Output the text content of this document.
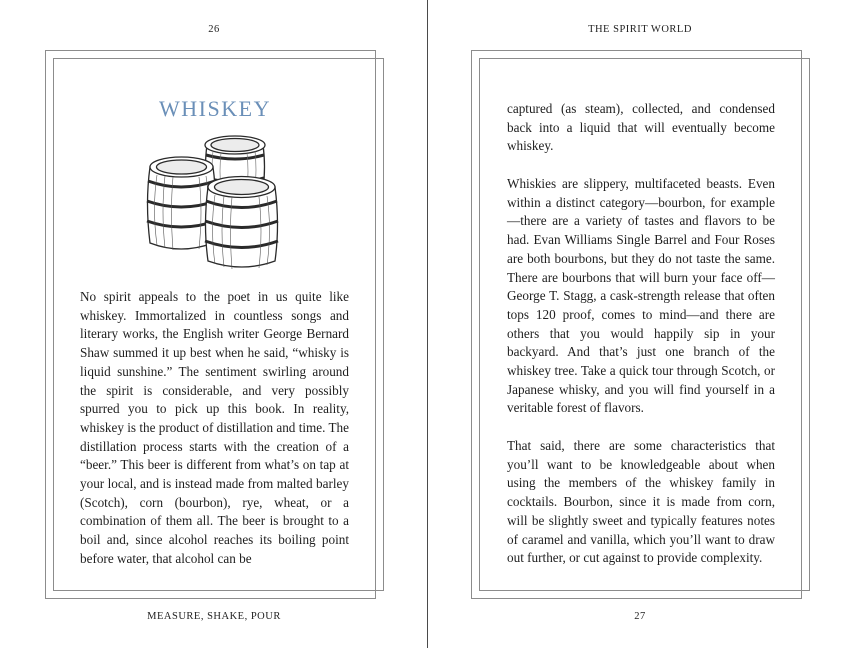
26
WHISKEY

No spirit appeals to the poet in us quite like whiskey. Immortalized in countless songs and literary works, the English writer George Bernard Shaw summed it up best when he said, “whisky is liquid sunshine.” The sentiment swirling around the spirit is considerable, and very possibly spurred you to pick up this book. In reality, whiskey is the product of distillation and time. The distillation process starts with the creation of a “beer.” This beer is different from what’s on tap at your local, and is instead made from malted barley (Scotch), corn (bourbon), rye, wheat, or a combination of them all. The beer is brought to a boil and, since alcohol reaches its boiling point before water, that alcohol can be

MEASURE, SHAKE, POUR
THE SPIRIT WORLD

captured (as steam), collected, and condensed back into a liquid that will eventually become whiskey.

Whiskies are slippery, multifaceted beasts. Even within a distinct category—bourbon, for example—there are a variety of tastes and flavors to be had. Evan Williams Single Barrel and Four Roses are both bourbons, but they do not taste the same. There are bourbons that will burn your face off—George T. Stagg, a cask-strength release that often tops 120 proof, comes to mind—and there are others that you would happily sip in your backyard. And that’s just one branch of the whiskey tree. Take a quick tour through Scotch, or Japanese whisky, and you will find yourself in a veritable forest of flavors.

That said, there are some characteristics that you’ll want to be knowledgeable about when using the members of the whiskey family in cocktails. Bourbon, since it is made from corn, will be slightly sweet and typically features notes of caramel and vanilla, which you’ll want to draw out further, or cut against to provide complexity.

27
